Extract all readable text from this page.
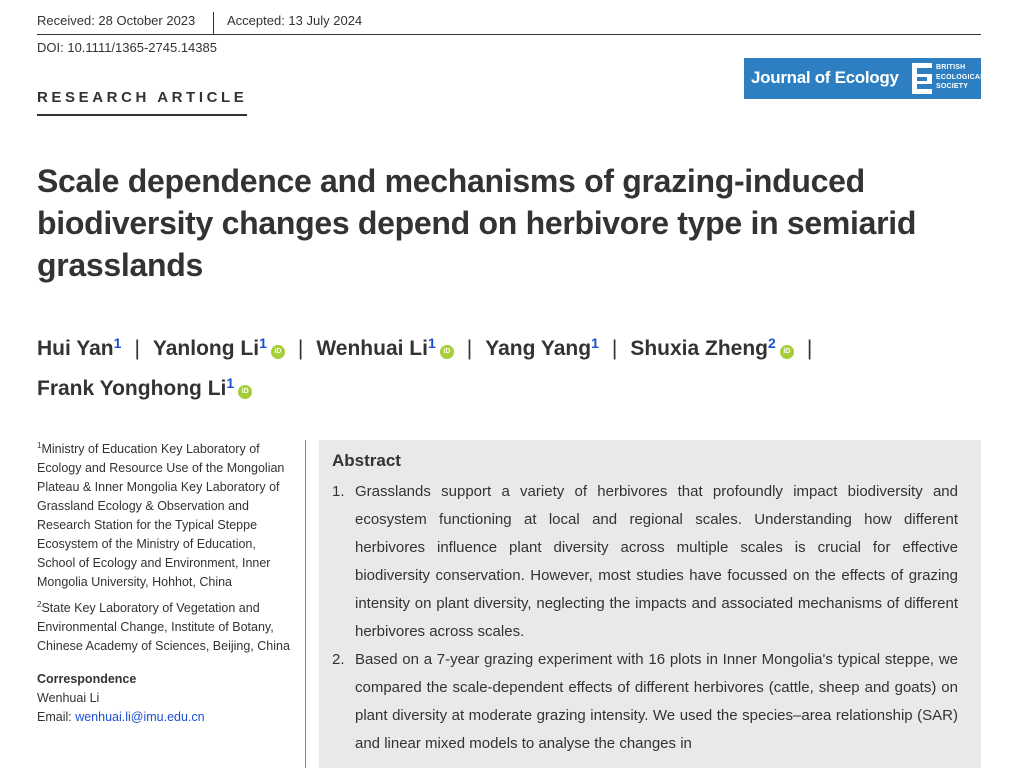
Received: 28 October 2023 Accepted: 13 July 2024
DOI: 10.1111/1365-2745.14385
Journal of Ecology
BRITISH
ECOLOGICAL
SOCIETY
RESEARCH ARTICLE
Scale dependence and mechanisms of grazing-induced biodiversity changes depend on herbivore type in semiarid grasslands
Hui Yan$^1$ | Yanlong Li$^1$iD | Wenhuai Li$^1$iD | Yang Yang$^1$ | Shuxia Zheng$^2$iD |
Frank Yonghong Li$^1$iD
$^1$Ministry of Education Key Laboratory of Ecology and Resource Use of the Mongolian Plateau & Inner Mongolia Key Laboratory of Grassland Ecology & Observation and Research Station for the Typical Steppe Ecosystem of the Ministry of Education, School of Ecology and Environment, Inner Mongolia University, Hohhot, China
$^2$State Key Laboratory of Vegetation and Environmental Change, Institute of Botany, Chinese Academy of Sciences, Beijing, China
Correspondence
Wenhuai Li
Email: wenhuai.li@imu.edu.cn
Abstract
1. Grasslands support a variety of herbivores that profoundly impact biodiversity and ecosystem functioning at local and regional scales. Understanding how different herbivores influence plant diversity across multiple scales is crucial for effective biodiversity conservation. However, most studies have focussed on the effects of grazing intensity on plant diversity, neglecting the impacts and associated mechanisms of different herbivores across scales.
2. Based on a 7-year grazing experiment with 16 plots in Inner Mongolia's typical steppe, we compared the scale-dependent effects of different herbivores (cattle, sheep and goats) on plant diversity at moderate grazing intensity. We used the species–area relationship (SAR) and linear mixed models to analyse the changes in
